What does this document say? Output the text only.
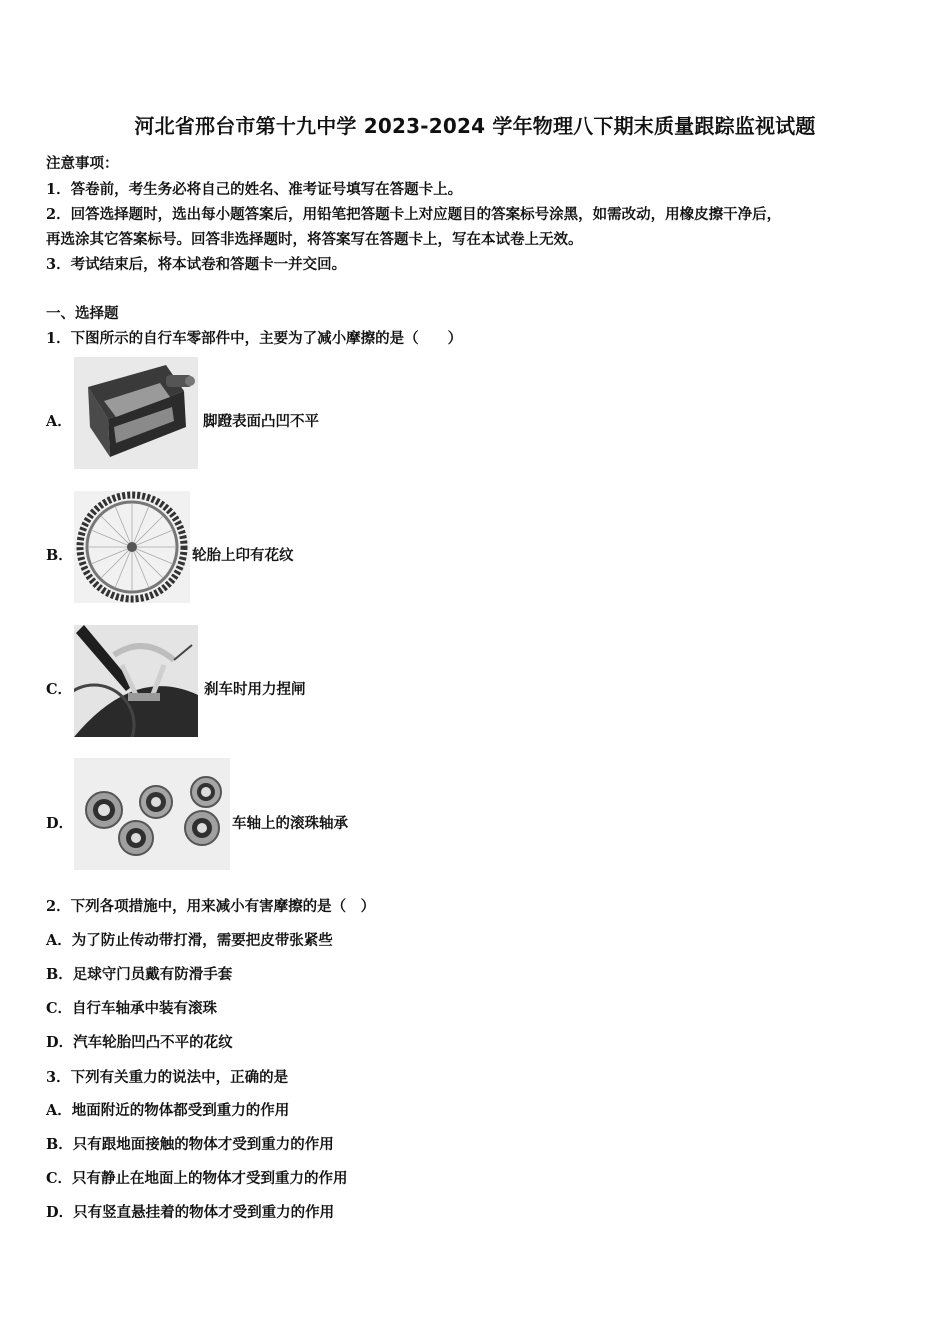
河北省邢台市第十九中学 2023-2024 学年物理八下期末质量跟踪监视试题
注意事项：
1．答卷前，考生务必将自己的姓名、准考证号填写在答题卡上。
2．回答选择题时，选出每小题答案后，用铅笔把答题卡上对应题目的答案标号涂黑，如需改动，用橡皮擦干净后，
再选涂其它答案标号。回答非选择题时，将答案写在答题卡上，写在本试卷上无效。
3．考试结束后，将本试卷和答题卡一并交回。
一、选择题
1．下图所示的自行车零部件中，主要为了减小摩擦的是（　　）
A．	脚蹬表面凸凹不平
B．	轮胎上印有花纹
C．	刹车时用力捏闸
D．	车轴上的滚珠轴承
2．下列各项措施中，用来减小有害摩擦的是（　）
A．为了防止传动带打滑，需要把皮带张紧些
B．足球守门员戴有防滑手套
C．自行车轴承中装有滚珠
D．汽车轮胎凹凸不平的花纹
3．下列有关重力的说法中，正确的是
A．地面附近的物体都受到重力的作用
B．只有跟地面接触的物体才受到重力的作用
C．只有静止在地面上的物体才受到重力的作用
D．只有竖直悬挂着的物体才受到重力的作用
